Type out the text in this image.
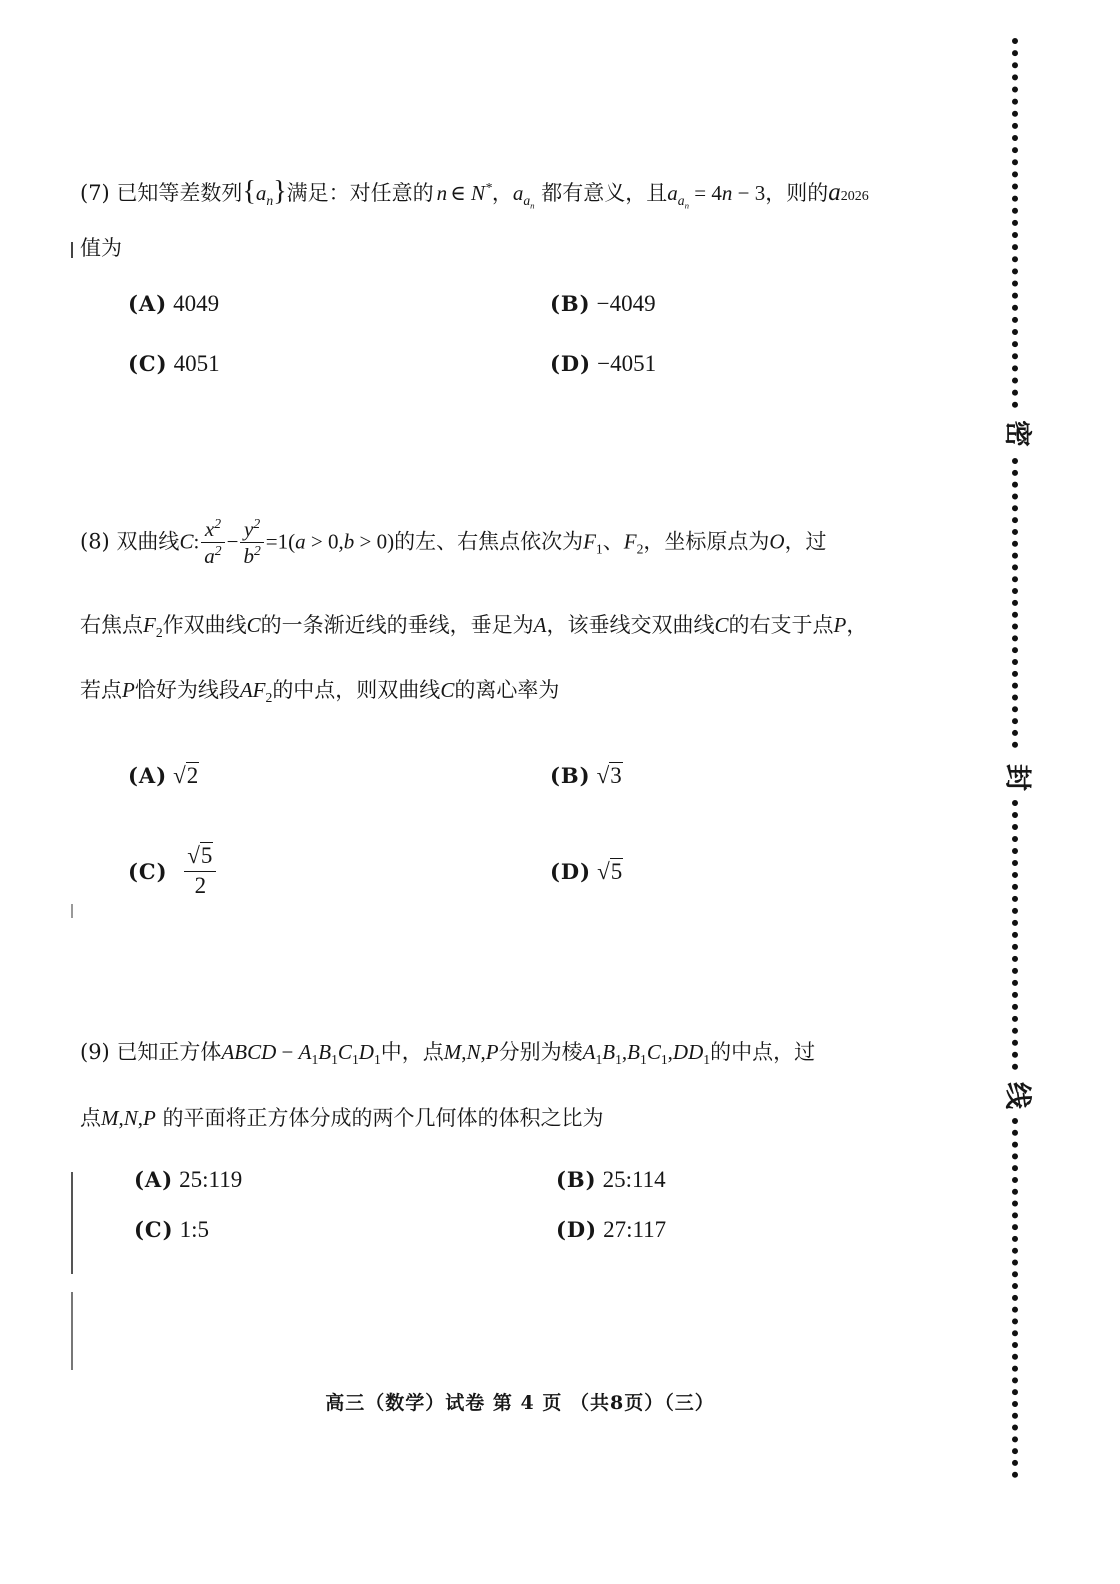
(7) 已知等差数列$\{a_n\}$满足：对任意的 n ∈ N*，$a_{a_n}$ 都有意义，且$a_{a_n} = 4n - 3$，则的a2026
值为
(A) 4049	(B) −4049
(C) 4051	(D) −4051
(8) 双曲线C: $\frac{x^2}{a^2} - \frac{y^2}{b^2} =1(a > 0,b > 0)$的左、右焦点依次为$F_1$、$F_2$，坐标原点为O，过
右焦点$F_2$作双曲线C的一条渐近线的垂线，垂足为A，该垂线交双曲线C的右支于点P，
若点P恰好为线段$AF_2$的中点，则双曲线C的离心率为
(A) √2	(B) √3
$(C) \frac{√5}{2}$	(D) √5
(9) 已知正方体ABCD − $A_1B_1C_1D_1$中，点M,N,P分别为棱$A_1B_1,B_1C_1,DD_1$的中点，过
点M,N,P 的平面将正方体分成的两个几何体的体积之比为
(A) 25:119	(B) 25:114
(C) 1:5	(D) 27:117
高三（数学）试卷 第 4 页 （共8页）（三）
密
封
线
